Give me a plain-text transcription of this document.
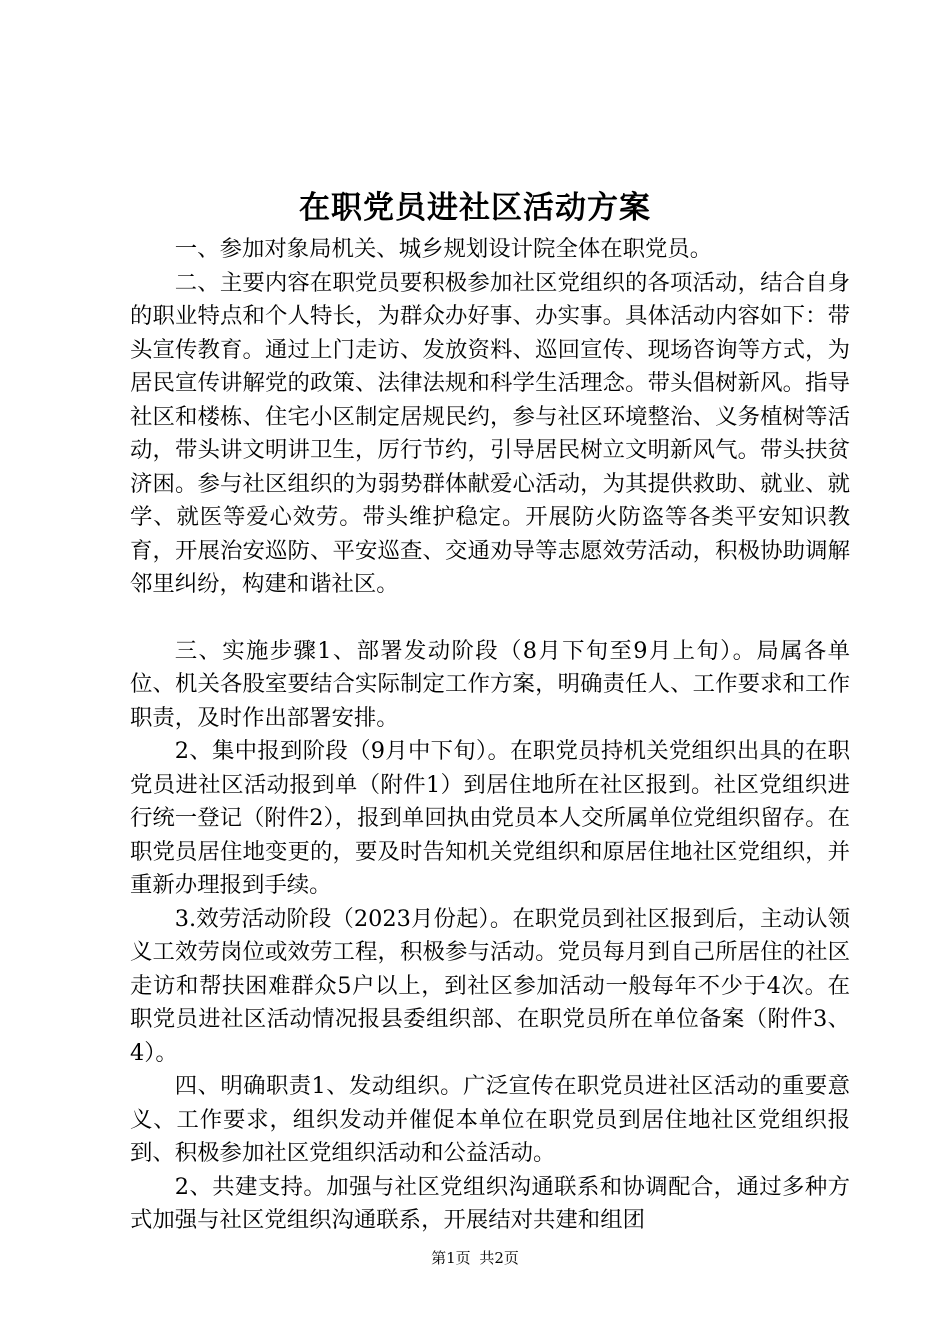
在职党员进社区活动方案

一、参加对象局机关、城乡规划设计院全体在职党员。

二、主要内容在职党员要积极参加社区党组织的各项活动，结合自身的职业特点和个人特长，为群众办好事、办实事。具体活动内容如下：带头宣传教育。通过上门走访、发放资料、巡回宣传、现场咨询等方式，为居民宣传讲解党的政策、法律法规和科学生活理念。带头倡树新风。指导社区和楼栋、住宅小区制定居规民约，参与社区环境整治、义务植树等活动，带头讲文明讲卫生，厉行节约，引导居民树立文明新风气。带头扶贫济困。参与社区组织的为弱势群体献爱心活动，为其提供救助、就业、就学、就医等爱心效劳。带头维护稳定。开展防火防盗等各类平安知识教育，开展治安巡防、平安巡查、交通劝导等志愿效劳活动，积极协助调解邻里纠纷，构建和谐社区。

三、实施步骤1、部署发动阶段（8月下旬至9月上旬）。局属各单位、机关各股室要结合实际制定工作方案，明确责任人、工作要求和工作职责，及时作出部署安排。

2、集中报到阶段（9月中下旬）。在职党员持机关党组织出具的在职党员进社区活动报到单（附件1）到居住地所在社区报到。社区党组织进行统一登记（附件2），报到单回执由党员本人交所属单位党组织留存。在职党员居住地变更的，要及时告知机关党组织和原居住地社区党组织，并重新办理报到手续。

3.效劳活动阶段（2023月份起）。在职党员到社区报到后，主动认领义工效劳岗位或效劳工程，积极参与活动。党员每月到自己所居住的社区走访和帮扶困难群众5户以上，到社区参加活动一般每年不少于4次。在职党员进社区活动情况报县委组织部、在职党员所在单位备案（附件3、4）。

四、明确职责1、发动组织。广泛宣传在职党员进社区活动的重要意义、工作要求，组织发动并催促本单位在职党员到居住地社区党组织报到、积极参加社区党组织活动和公益活动。

2、共建支持。加强与社区党组织沟通联系和协调配合，通过多种方式加强与社区党组织沟通联系，开展结对共建和组团

第1页 共2页
